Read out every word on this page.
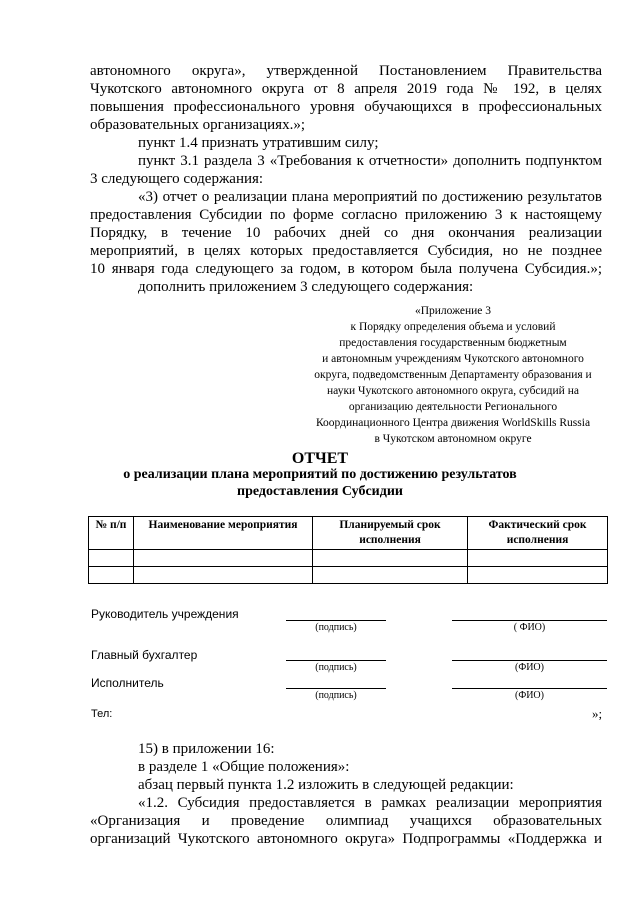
автономного округа», утвержденной Постановлением Правительства
Чукотского автономного округа от 8 апреля 2019 года № 192, в целях
повышения профессионального уровня обучающихся в профессиональных
образовательных организациях.»;
пункт 1.4 признать утратившим силу;
пункт 3.1 раздела 3 «Требования к отчетности» дополнить подпунктом
3 следующего содержания:
«3) отчет о реализации плана мероприятий по достижению результатов
предоставления Субсидии по форме согласно приложению 3 к настоящему
Порядку, в течение 10 рабочих дней со дня окончания реализации
мероприятий, в целях которых предоставляется Субсидия, но не позднее
10 января года следующего за годом, в котором была получена Субсидия.»;
дополнить приложением 3 следующего содержания:
«Приложение 3
к Порядку определения объема и условий
предоставления государственным бюджетным
и автономным учреждениям Чукотского автономного
округа, подведомственным Департаменту образования и
науки Чукотского автономного округа, субсидий на
организацию деятельности Регионального
Координационного Центра движения WorldSkills Russia
в Чукотском автономном округе
ОТЧЕТ
о реализации плана мероприятий по достижению результатов
предоставления Субсидии
№ п/п	Наименование мероприятия	Планируемый срок исполнения	Фактический срок исполнения

Руководитель учреждения
(подпись)	( ФИО)
Главный бухгалтер
(подпись)	(ФИО)
Исполнитель
(подпись)	(ФИО)
Тел:	»;
15) в приложении 16:
в разделе 1 «Общие положения»:
абзац первый пункта 1.2 изложить в следующей редакции:
«1.2. Субсидия предоставляется в рамках реализации мероприятия
«Организация и проведение олимпиад учащихся образовательных
организаций Чукотского автономного округа» Подпрограммы «Поддержка и
